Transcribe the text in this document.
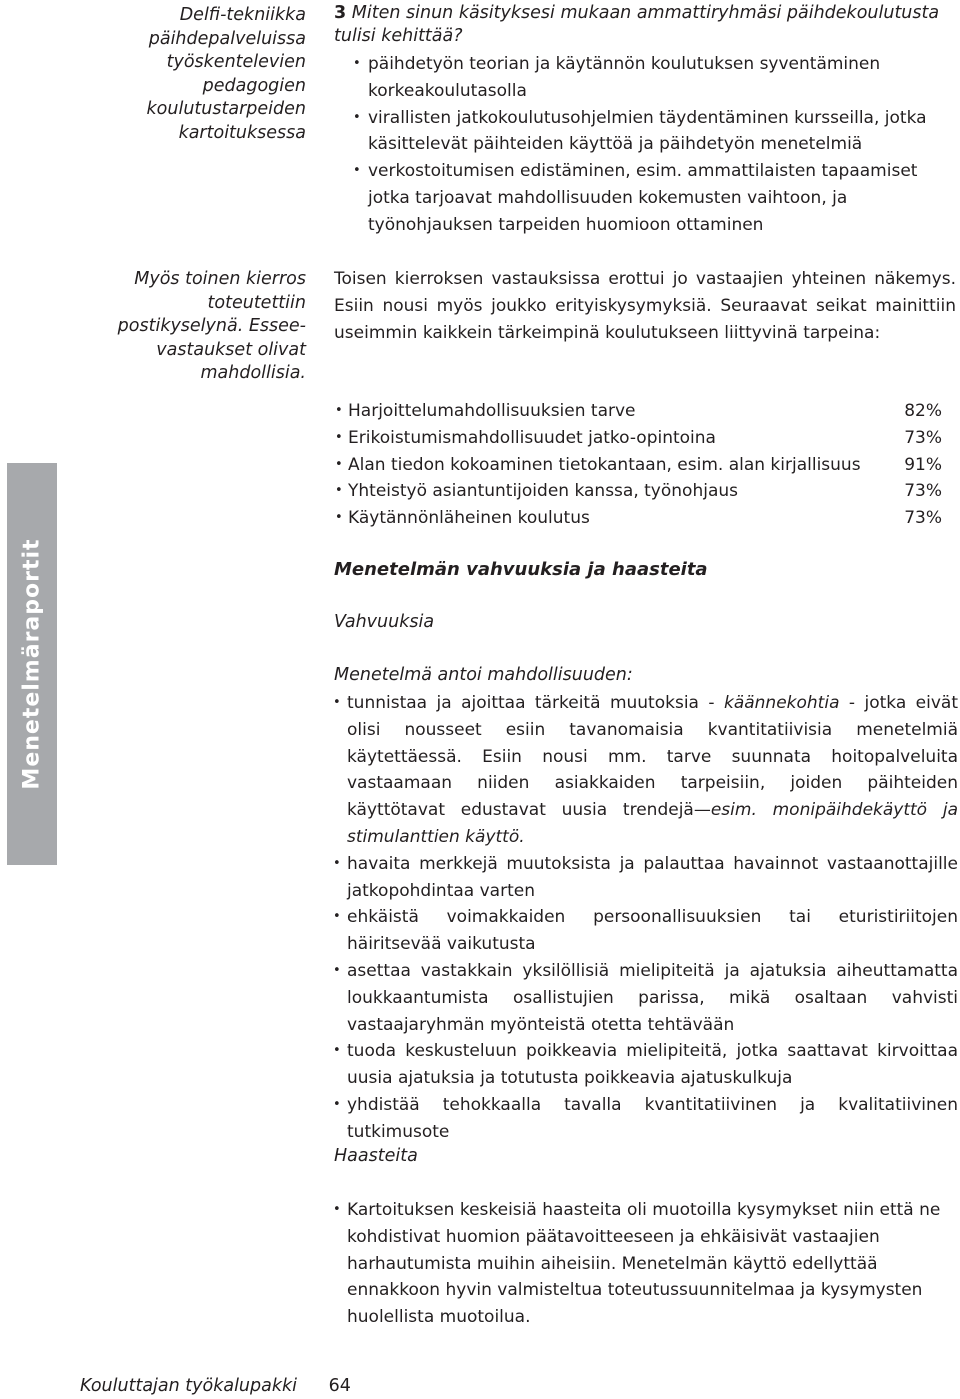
Delfi-tekniikka
päihdepalveluissa
työskentelevien
pedagogien
koulutustarpeiden
kartoituksessa
Myös toinen kierros
toteutettiin
postikyselynä. Essee-
vastaukset olivat
mahdollisia.
Menetelmäraportit
3 Miten sinun käsityksesi mukaan ammattiryhmäsi päihdekoulutusta tulisi kehittää?
• päihdetyön teorian ja käytännön koulutuksen syventäminen korkeakoulutasolla
• virallisten jatkokoulutusohjelmien täydentäminen kursseilla, jotka käsittelevät päihteiden käyttöä ja päihdetyön menetelmiä
• verkostoitumisen edistäminen, esim. ammattilaisten tapaamiset jotka tarjoavat mahdollisuuden kokemusten vaihtoon, ja työnohjauksen tarpeiden huomioon ottaminen
Toisen kierroksen vastauksissa erottui jo vastaajien yhteinen näkemys. Esiin nousi myös joukko erityiskysymyksiä. Seuraavat seikat mainittiin useimmin kaikkein tärkeimpinä koulutukseen liittyvinä tarpeina:
• Harjoittelumahdollisuuksien tarve	82%
• Erikoistumismahdollisuudet jatko-opintoina	73%
• Alan tiedon kokoaminen tietokantaan, esim. alan kirjallisuus	91%
• Yhteistyö asiantuntijoiden kanssa, työnohjaus	73%
• Käytännönläheinen koulutus	73%
Menetelmän vahvuuksia ja haasteita
Vahvuuksia
Menetelmä antoi mahdollisuuden:
• tunnistaa ja ajoittaa tärkeitä muutoksia - käännekohtia - jotka eivät olisi nousseet esiin tavanomaisia kvantitatiivisia menetelmiä käytettäessä. Esiin nousi mm. tarve suunnata hoitopalveluita vastaamaan niiden asiakkaiden tarpeisiin, joiden päihteiden käyttötavat edustavat uusia trendejä—esim. monipäihdekäyttö ja stimulanttien käyttö.
• havaita merkkejä muutoksista ja palauttaa havainnot vastaanottajille jatkopohdintaa varten
• ehkäistä voimakkaiden persoonallisuuksien tai eturistiriitojen häiritsevää vaikutusta
• asettaa vastakkain yksilöllisiä mielipiteitä ja ajatuksia aiheuttamatta loukkaantumista osallistujien parissa, mikä osaltaan vahvisti vastaajaryhmän myönteistä otetta tehtävään
• tuoda keskusteluun poikkeavia mielipiteitä, jotka saattavat kirvoittaa uusia ajatuksia ja totutusta poikkeavia ajatuskulkuja
• yhdistää tehokkaalla tavalla kvantitatiivinen ja kvalitatiivinen tutkimusote
Haasteita
• Kartoituksen keskeisiä haasteita oli muotoilla kysymykset niin että ne kohdistivat huomion päätavoitteeseen ja ehkäisivät vastaajien harhautumista muihin aiheisiin. Menetelmän käyttö edellyttää ennakkoon hyvin valmisteltua toteutussuunnitelmaa ja kysymysten huolellista muotoilua.
Kouluttajan työkalupakki 64
